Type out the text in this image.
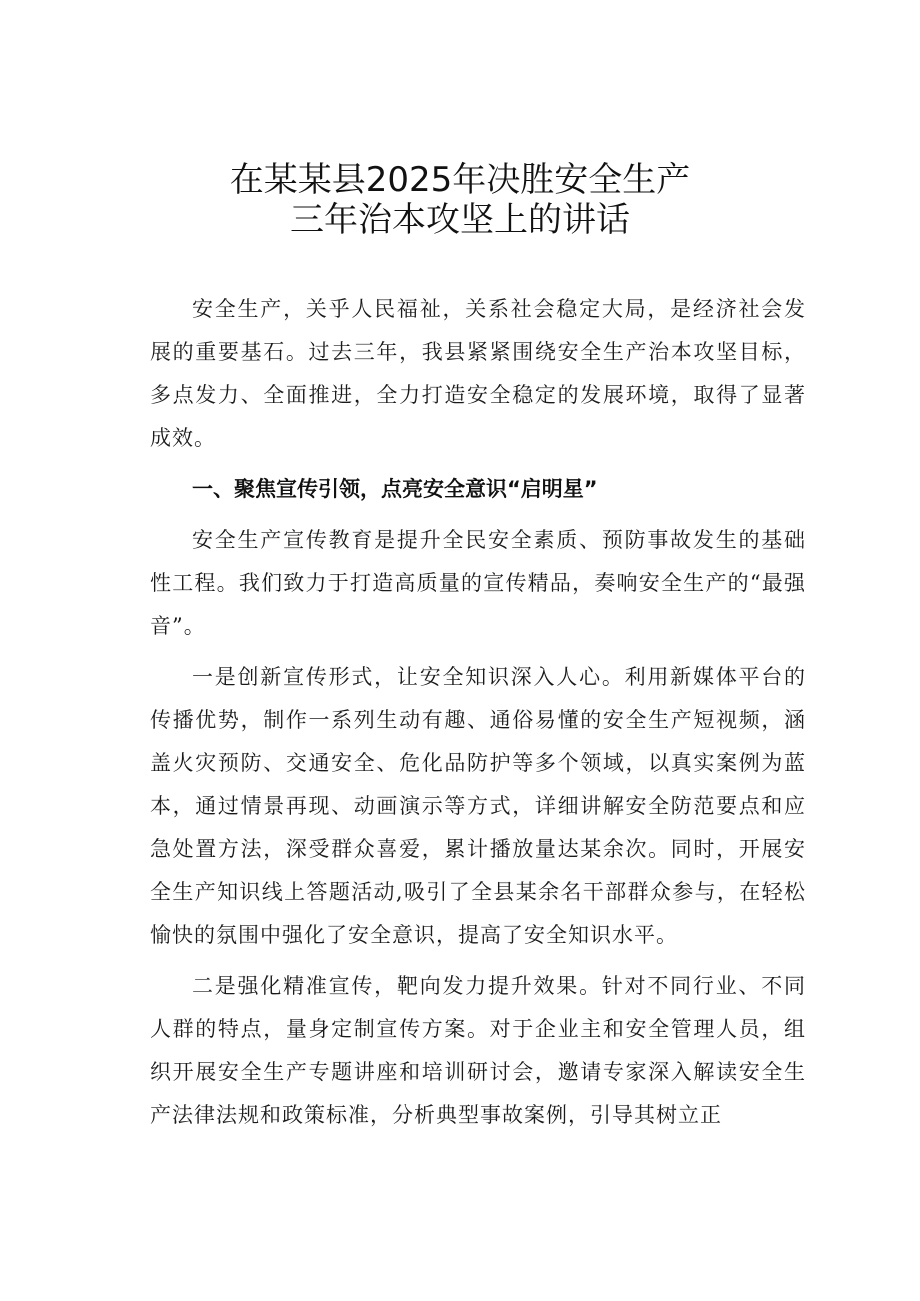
在某某县2025年决胜安全生产
三年治本攻坚上的讲话

安全生产，关乎人民福祉，关系社会稳定大局，是经济社会发展的重要基石。过去三年，我县紧紧围绕安全生产治本攻坚目标，多点发力、全面推进，全力打造安全稳定的发展环境，取得了显著成效。

一、聚焦宣传引领，点亮安全意识“启明星”

安全生产宣传教育是提升全民安全素质、预防事故发生的基础性工程。我们致力于打造高质量的宣传精品，奏响安全生产的“最强音”。

一是创新宣传形式，让安全知识深入人心。利用新媒体平台的传播优势，制作一系列生动有趣、通俗易懂的安全生产短视频，涵盖火灾预防、交通安全、危化品防护等多个领域，以真实案例为蓝本，通过情景再现、动画演示等方式，详细讲解安全防范要点和应急处置方法，深受群众喜爱，累计播放量达某余次。同时，开展安全生产知识线上答题活动,吸引了全县某余名干部群众参与，在轻松愉快的氛围中强化了安全意识，提高了安全知识水平。

二是强化精准宣传，靶向发力提升效果。针对不同行业、不同人群的特点，量身定制宣传方案。对于企业主和安全管理人员，组织开展安全生产专题讲座和培训研讨会，邀请专家深入解读安全生产法律法规和政策标准，分析典型事故案例，引导其树立正
